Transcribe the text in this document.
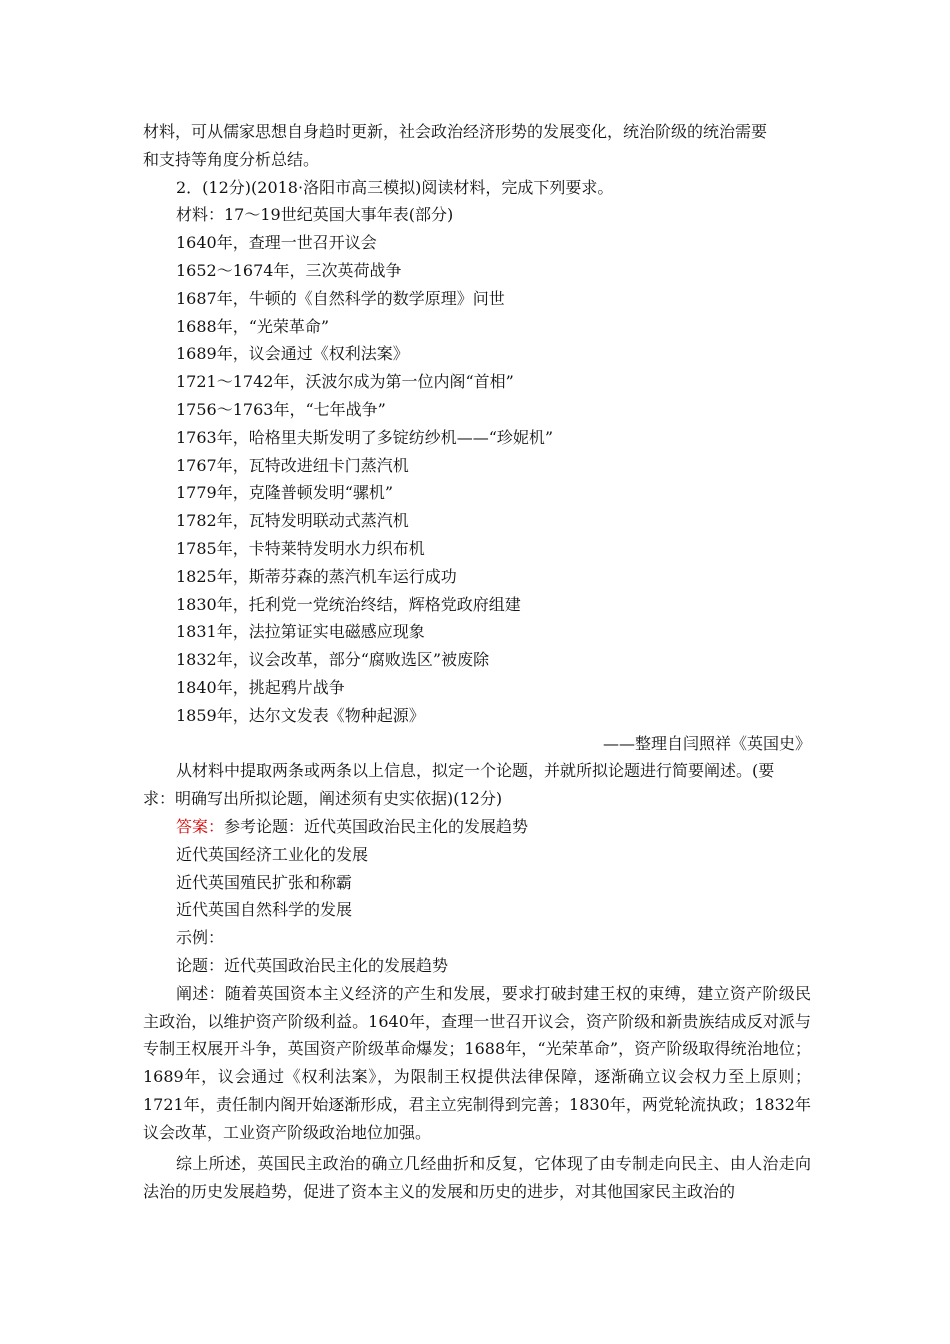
材料，可从儒家思想自身趋时更新，社会政治经济形势的发展变化，统治阶级的统治需要
和支持等角度分析总结。
2．(12分)(2018·洛阳市高三模拟)阅读材料，完成下列要求。
材料：17～19世纪英国大事年表(部分)
1640年，查理一世召开议会
1652～1674年，三次英荷战争
1687年，牛顿的《自然科学的数学原理》问世
1688年，“光荣革命”
1689年，议会通过《权利法案》
1721～1742年，沃波尔成为第一位内阁“首相”
1756～1763年，“七年战争”
1763年，哈格里夫斯发明了多锭纺纱机——“珍妮机”
1767年，瓦特改进纽卡门蒸汽机
1779年，克隆普顿发明“骡机”
1782年，瓦特发明联动式蒸汽机
1785年，卡特莱特发明水力织布机
1825年，斯蒂芬森的蒸汽机车运行成功
1830年，托利党一党统治终结，辉格党政府组建
1831年，法拉第证实电磁感应现象
1832年，议会改革，部分“腐败选区”被废除
1840年，挑起鸦片战争
1859年，达尔文发表《物种起源》
——整理自闫照祥《英国史》
从材料中提取两条或两条以上信息，拟定一个论题，并就所拟论题进行简要阐述。(要
求：明确写出所拟论题，阐述须有史实依据)(12分)
答案：参考论题：近代英国政治民主化的发展趋势
近代英国经济工业化的发展
近代英国殖民扩张和称霸
近代英国自然科学的发展
示例：
论题：近代英国政治民主化的发展趋势
阐述：随着英国资本主义经济的产生和发展，要求打破封建王权的束缚，建立资产阶级民主政治，以维护资产阶级利益。1640年，查理一世召开议会，资产阶级和新贵族结成反对派与专制王权展开斗争，英国资产阶级革命爆发；1688年，“光荣革命”，资产阶级取得统治地位；1689年，议会通过《权利法案》，为限制王权提供法律保障，逐渐确立议会权力至上原则；1721年，责任制内阁开始逐渐形成，君主立宪制得到完善；1830年，两党轮流执政；1832年议会改革，工业资产阶级政治地位加强。
综上所述，英国民主政治的确立几经曲折和反复，它体现了由专制走向民主、由人治走向法治的历史发展趋势，促进了资本主义的发展和历史的进步，对其他国家民主政治的
